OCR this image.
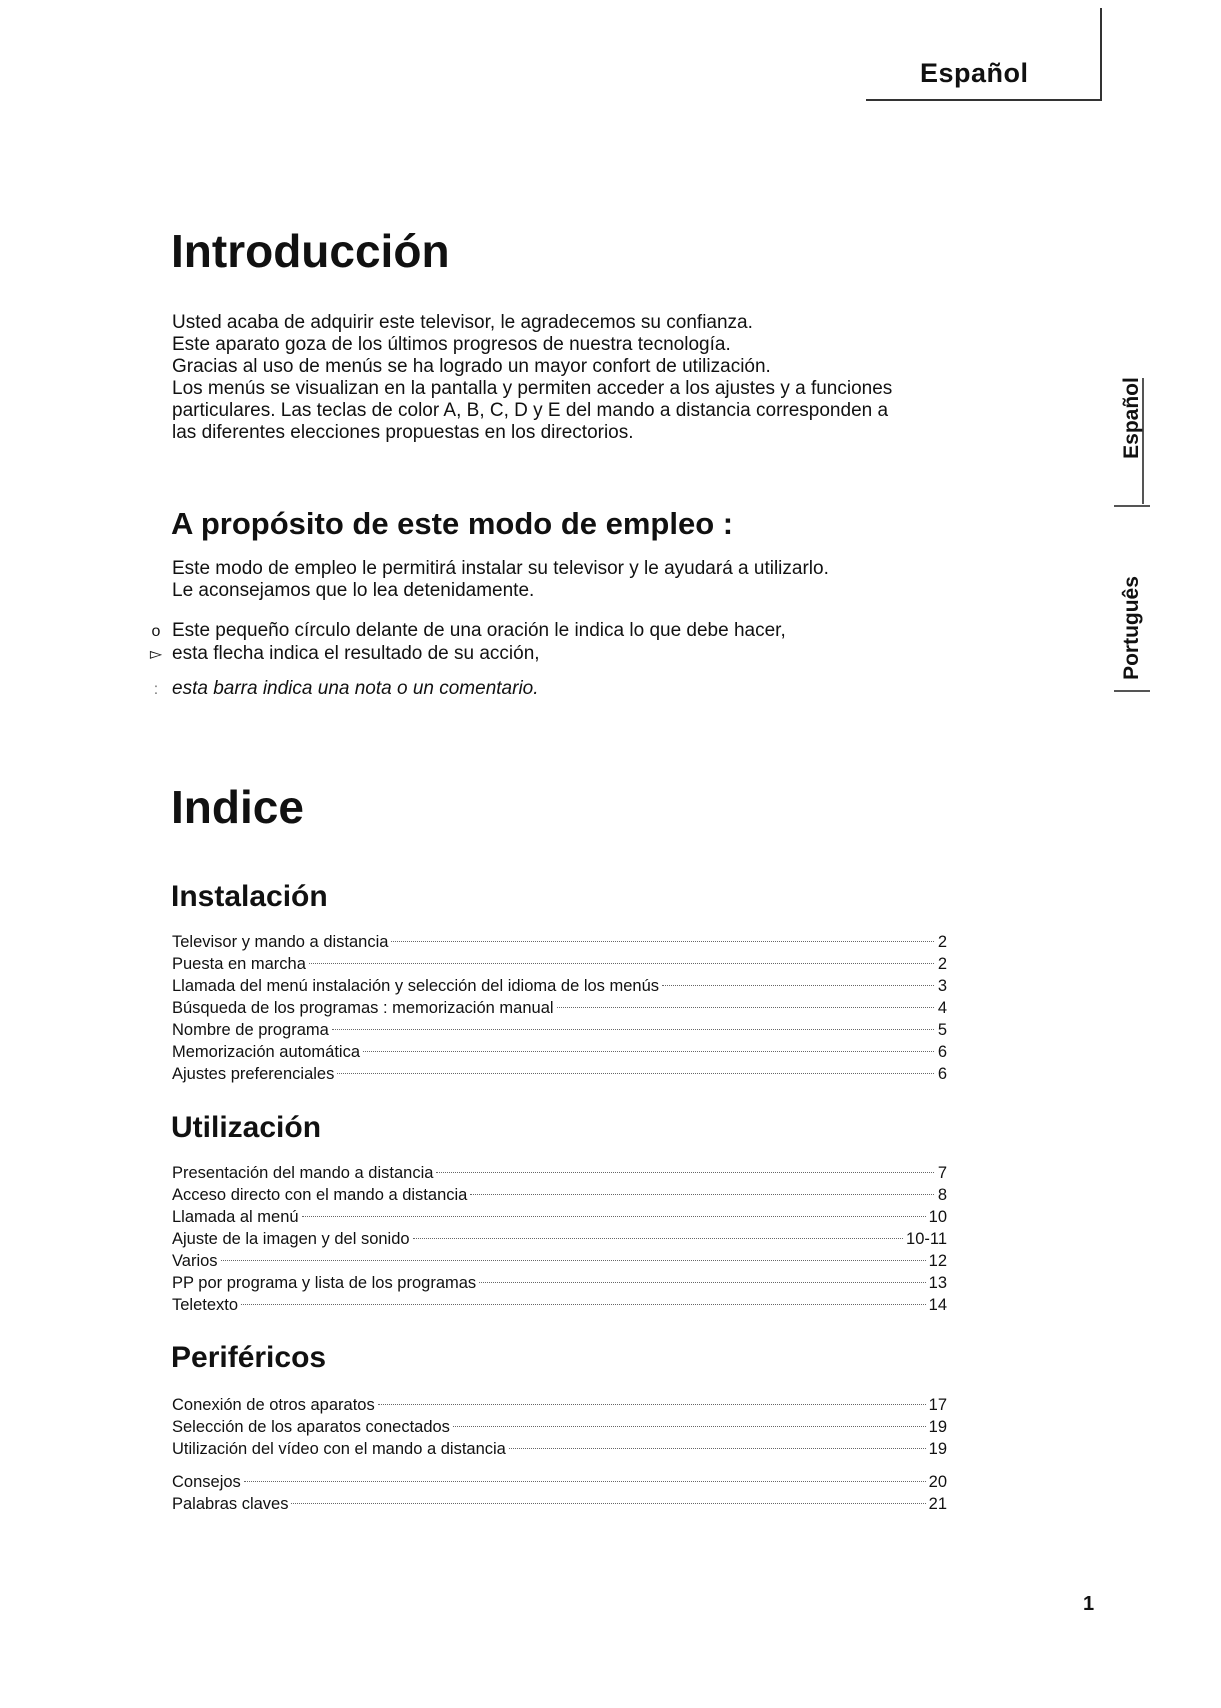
Español
Español
Português
Introducción
Usted acaba de adquirir este televisor, le agradecemos su confianza.
Este aparato goza de los últimos progresos de nuestra tecnología.
Gracias al uso de menús se ha logrado un mayor confort de utilización.
Los menús se visualizan en la pantalla y permiten acceder a los ajustes y a funciones
particulares. Las teclas de color A, B, C, D y E del mando a distancia corresponden a
las diferentes elecciones propuestas en los directorios.
A propósito de este modo de empleo :
Este modo de empleo le permitirá instalar su televisor y le ayudará a utilizarlo.
Le aconsejamos que lo lea detenidamente.
o Este pequeño círculo delante de una oración le indica lo que debe hacer,
▻ esta flecha indica el resultado de su acción,
: esta barra indica una nota o un comentario.
Indice
Instalación
Televisor y mando a distancia	2
Puesta en marcha	2
Llamada del menú instalación y selección del idioma de los menús	3
Búsqueda de los programas : memorización manual	4
Nombre de programa	5
Memorización automática	6
Ajustes preferenciales	6
Utilización
Presentación del mando a distancia	7
Acceso directo con el mando a distancia	8
Llamada al menú	10
Ajuste de la imagen y del sonido	10-11
Varios	12
PP por programa y lista de los programas	13
Teletexto	14
Periféricos
Conexión de otros aparatos	17
Selección de los aparatos conectados	19
Utilización del vídeo con el mando a distancia	19
Consejos	20
Palabras claves	21
1
